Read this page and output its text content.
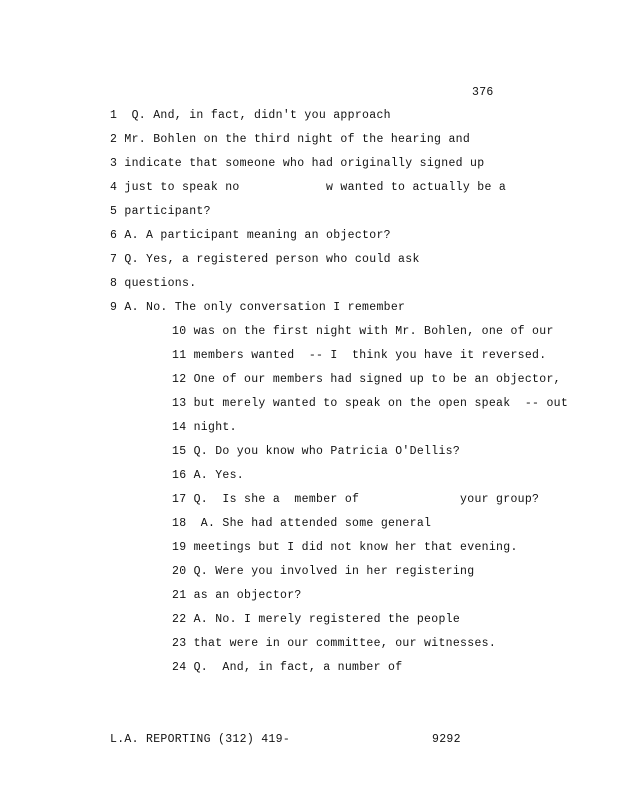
376
1  Q. And, in fact, didn't you approach
2 Mr. Bohlen on the third night of the hearing and
3 indicate that someone who had originally signed up
4 just to speak no            w wanted to actually be a
5 participant?
6 A. A participant meaning an objector?
7 Q. Yes, a registered person who could ask
8 questions.
9 A. No. The only conversation I remember
10 was on the first night with Mr. Bohlen, one of our
11 members wanted  -- I  think you have it reversed.
12 One of our members had signed up to be an objector,
13 but merely wanted to speak on the open speak  -- out
14 night.
15 Q. Do you know who Patricia O'Dellis?
16 A. Yes.
17 Q.  Is she a  member of              your group?
18  A. She had attended some general
19 meetings but I did not know her that evening.
20 Q. Were you involved in her registering
21 as an objector?
22 A. No. I merely registered the people
23 that were in our committee, our witnesses.
24 Q.  And, in fact, a number of
L.A. REPORTING (312) 419-	9292
